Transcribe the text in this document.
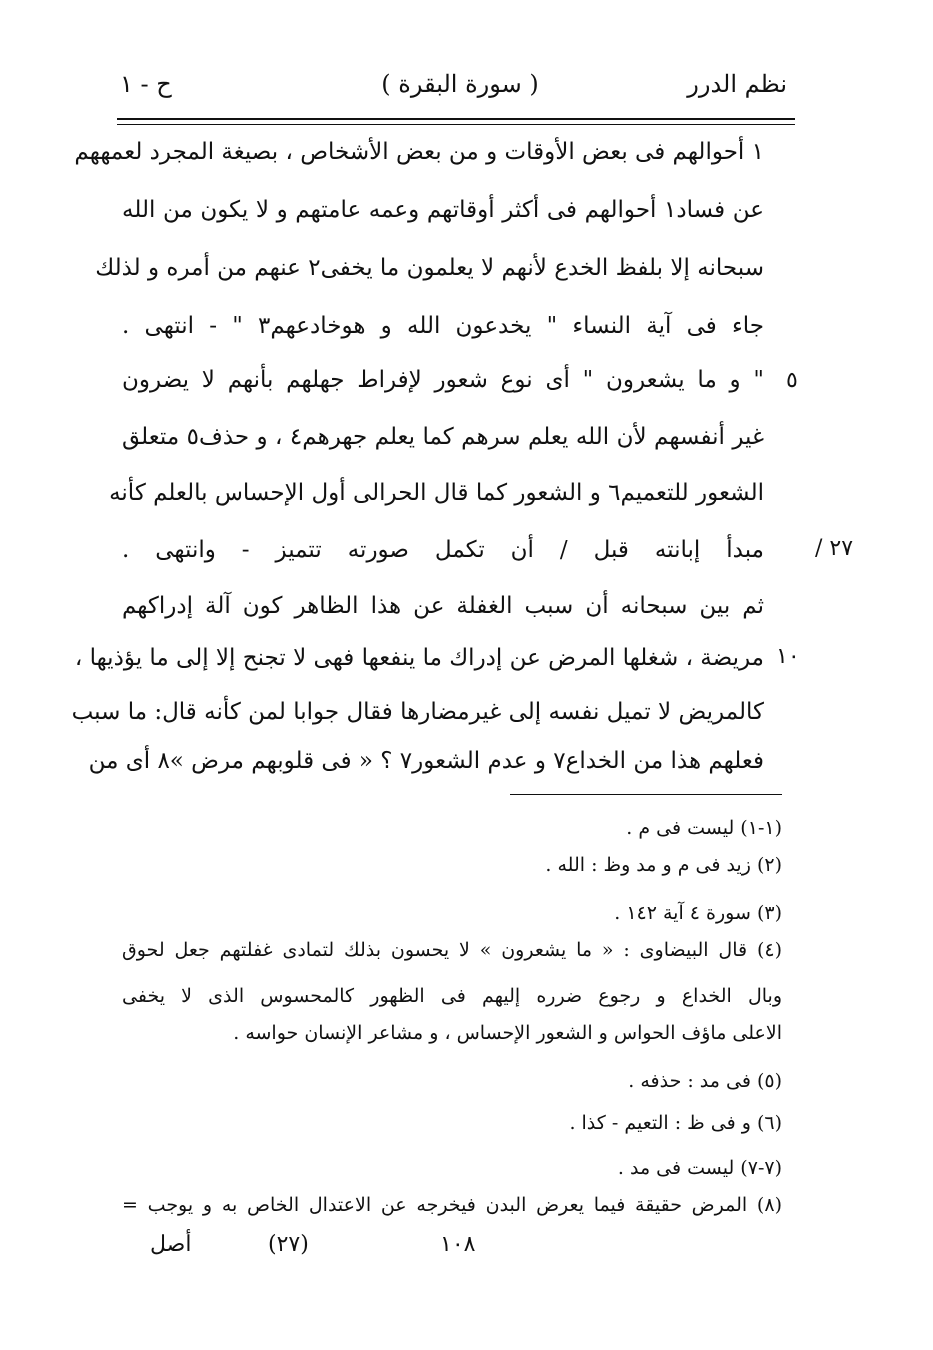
نظم الدرر
( سورة البقرة )
ح - ١
١ أحوالهم فى بعض الأوقات و من بعض الأشخاص ، بصيغة المجرد لعمههم
عن فساد١ أحوالهم فى أكثر أوقاتهم وعمه عامتهم و لا يكون من الله
سبحانه إلا بلفظ الخدع لأنهم لا يعلمون ما يخفى٢ عنهم من أمره و لذلك
جاء فى آية النساء " يخدعون الله و هوخادعهم٣ " - انتهى .
" و ما يشعرون " أى نوع شعور لإفراط جهلهم بأنهم لا يضرون
غير أنفسهم لأن الله يعلم سرهم كما يعلم جهرهم٤ ، و حذف٥ متعلق
الشعور للتعميم٦ و الشعور كما قال الحرالى أول الإحساس بالعلم كأنه
مبدأ إبانته قبل / أن تكمل صورته تتميز - وانتهى .
ثم بين سبحانه أن سبب الغفلة عن هذا الظاهر كون آلة إدراكهم
مريضة ، شغلها المرض عن إدراك ما ينفعها فهى لا تجنح إلا إلى ما يؤذيها ،
كالمريض لا تميل نفسه إلى غيرمضارها فقال جوابا لمن كأنه قال: ما سبب
فعلهم هذا من الخداع٧ و عدم الشعور٧ ؟ « فى قلوبهم مرض »٨ أى من
٥
٢٧ /
١٠
(١-١) ليست فى م .
(٢) زيد فى م و مد وظ : الله .
(٣) سورة ٤ آية ١٤٢ .
(٤) قال البيضاوى : « ما يشعرون » لا يحسون بذلك لتمادى غفلتهم جعل لحوق
وبال الخداع و رجوع ضرره إليهم فى الظهور كالمحسوس الذى لا يخفى
الاعلى ماؤف الحواس و الشعور الإحساس ، و مشاعر الإنسان حواسه .
(٥) فى مد : حذفه .
(٦) و فى ظ : التعيم - كذا .
(٧-٧) ليست فى مد .
(٨) المرض حقيقة فيما يعرض البدن فيخرجه عن الاعتدال الخاص به و يوجب =
١٠٨
(٢٧)
أصل
